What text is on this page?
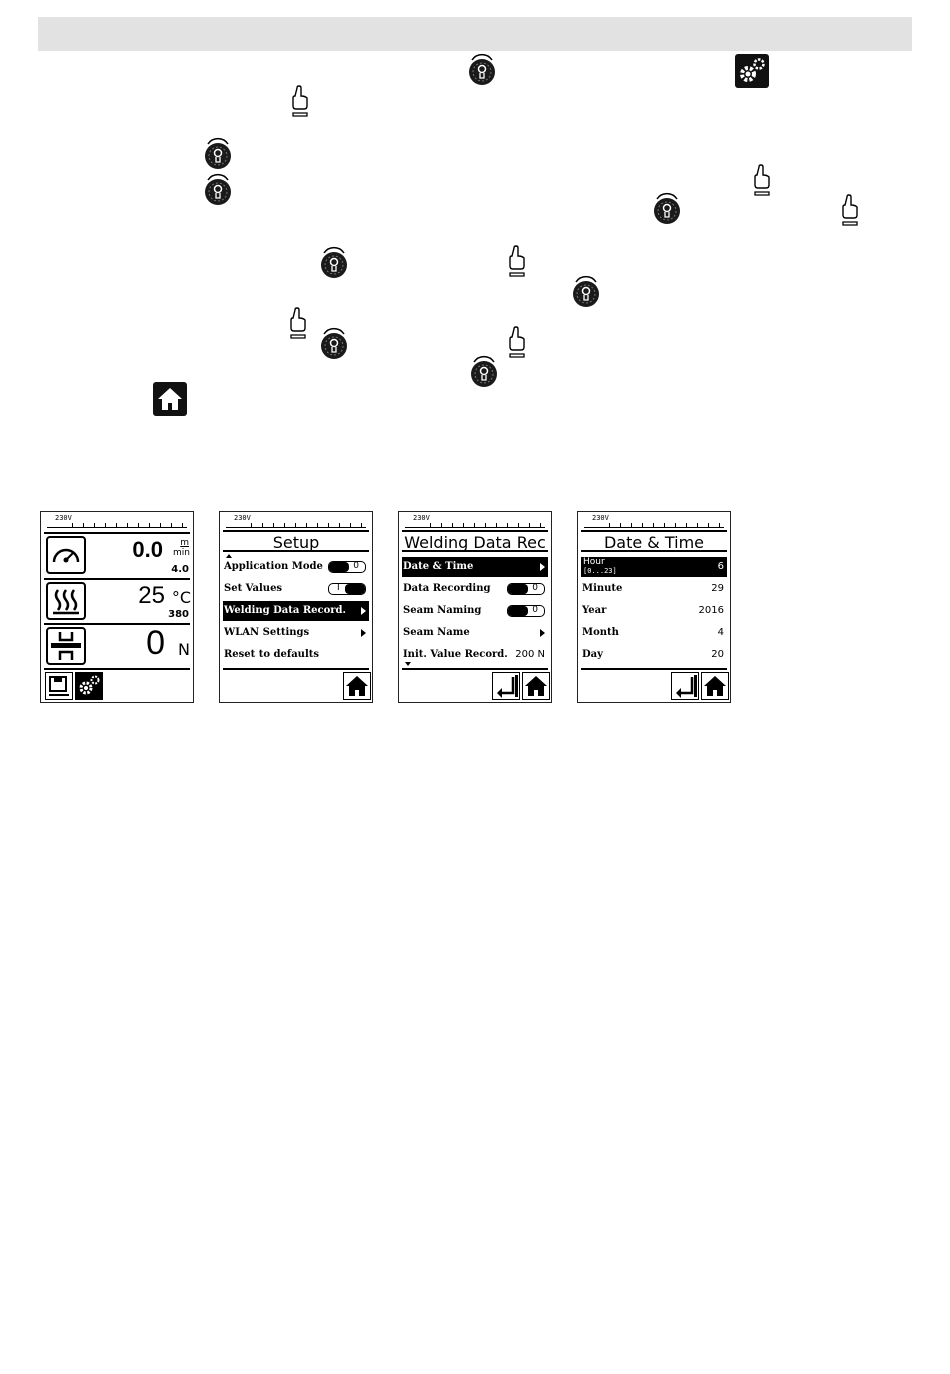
230V
0.0 m
min
4.0
25 °C
380
0 N
230V
Setup
Application Mode	0
Set Values	I
Welding Data Record.
WLAN Settings
Reset to defaults
230V
Welding Data Rec
Date & Time
Data Recording	0
Seam Naming	0
Seam Name
Init. Value Record. 200 N
230V
Date & Time
Hour
[0...23]	6
Minute	29
Year	2016
Month	4
Day	20
